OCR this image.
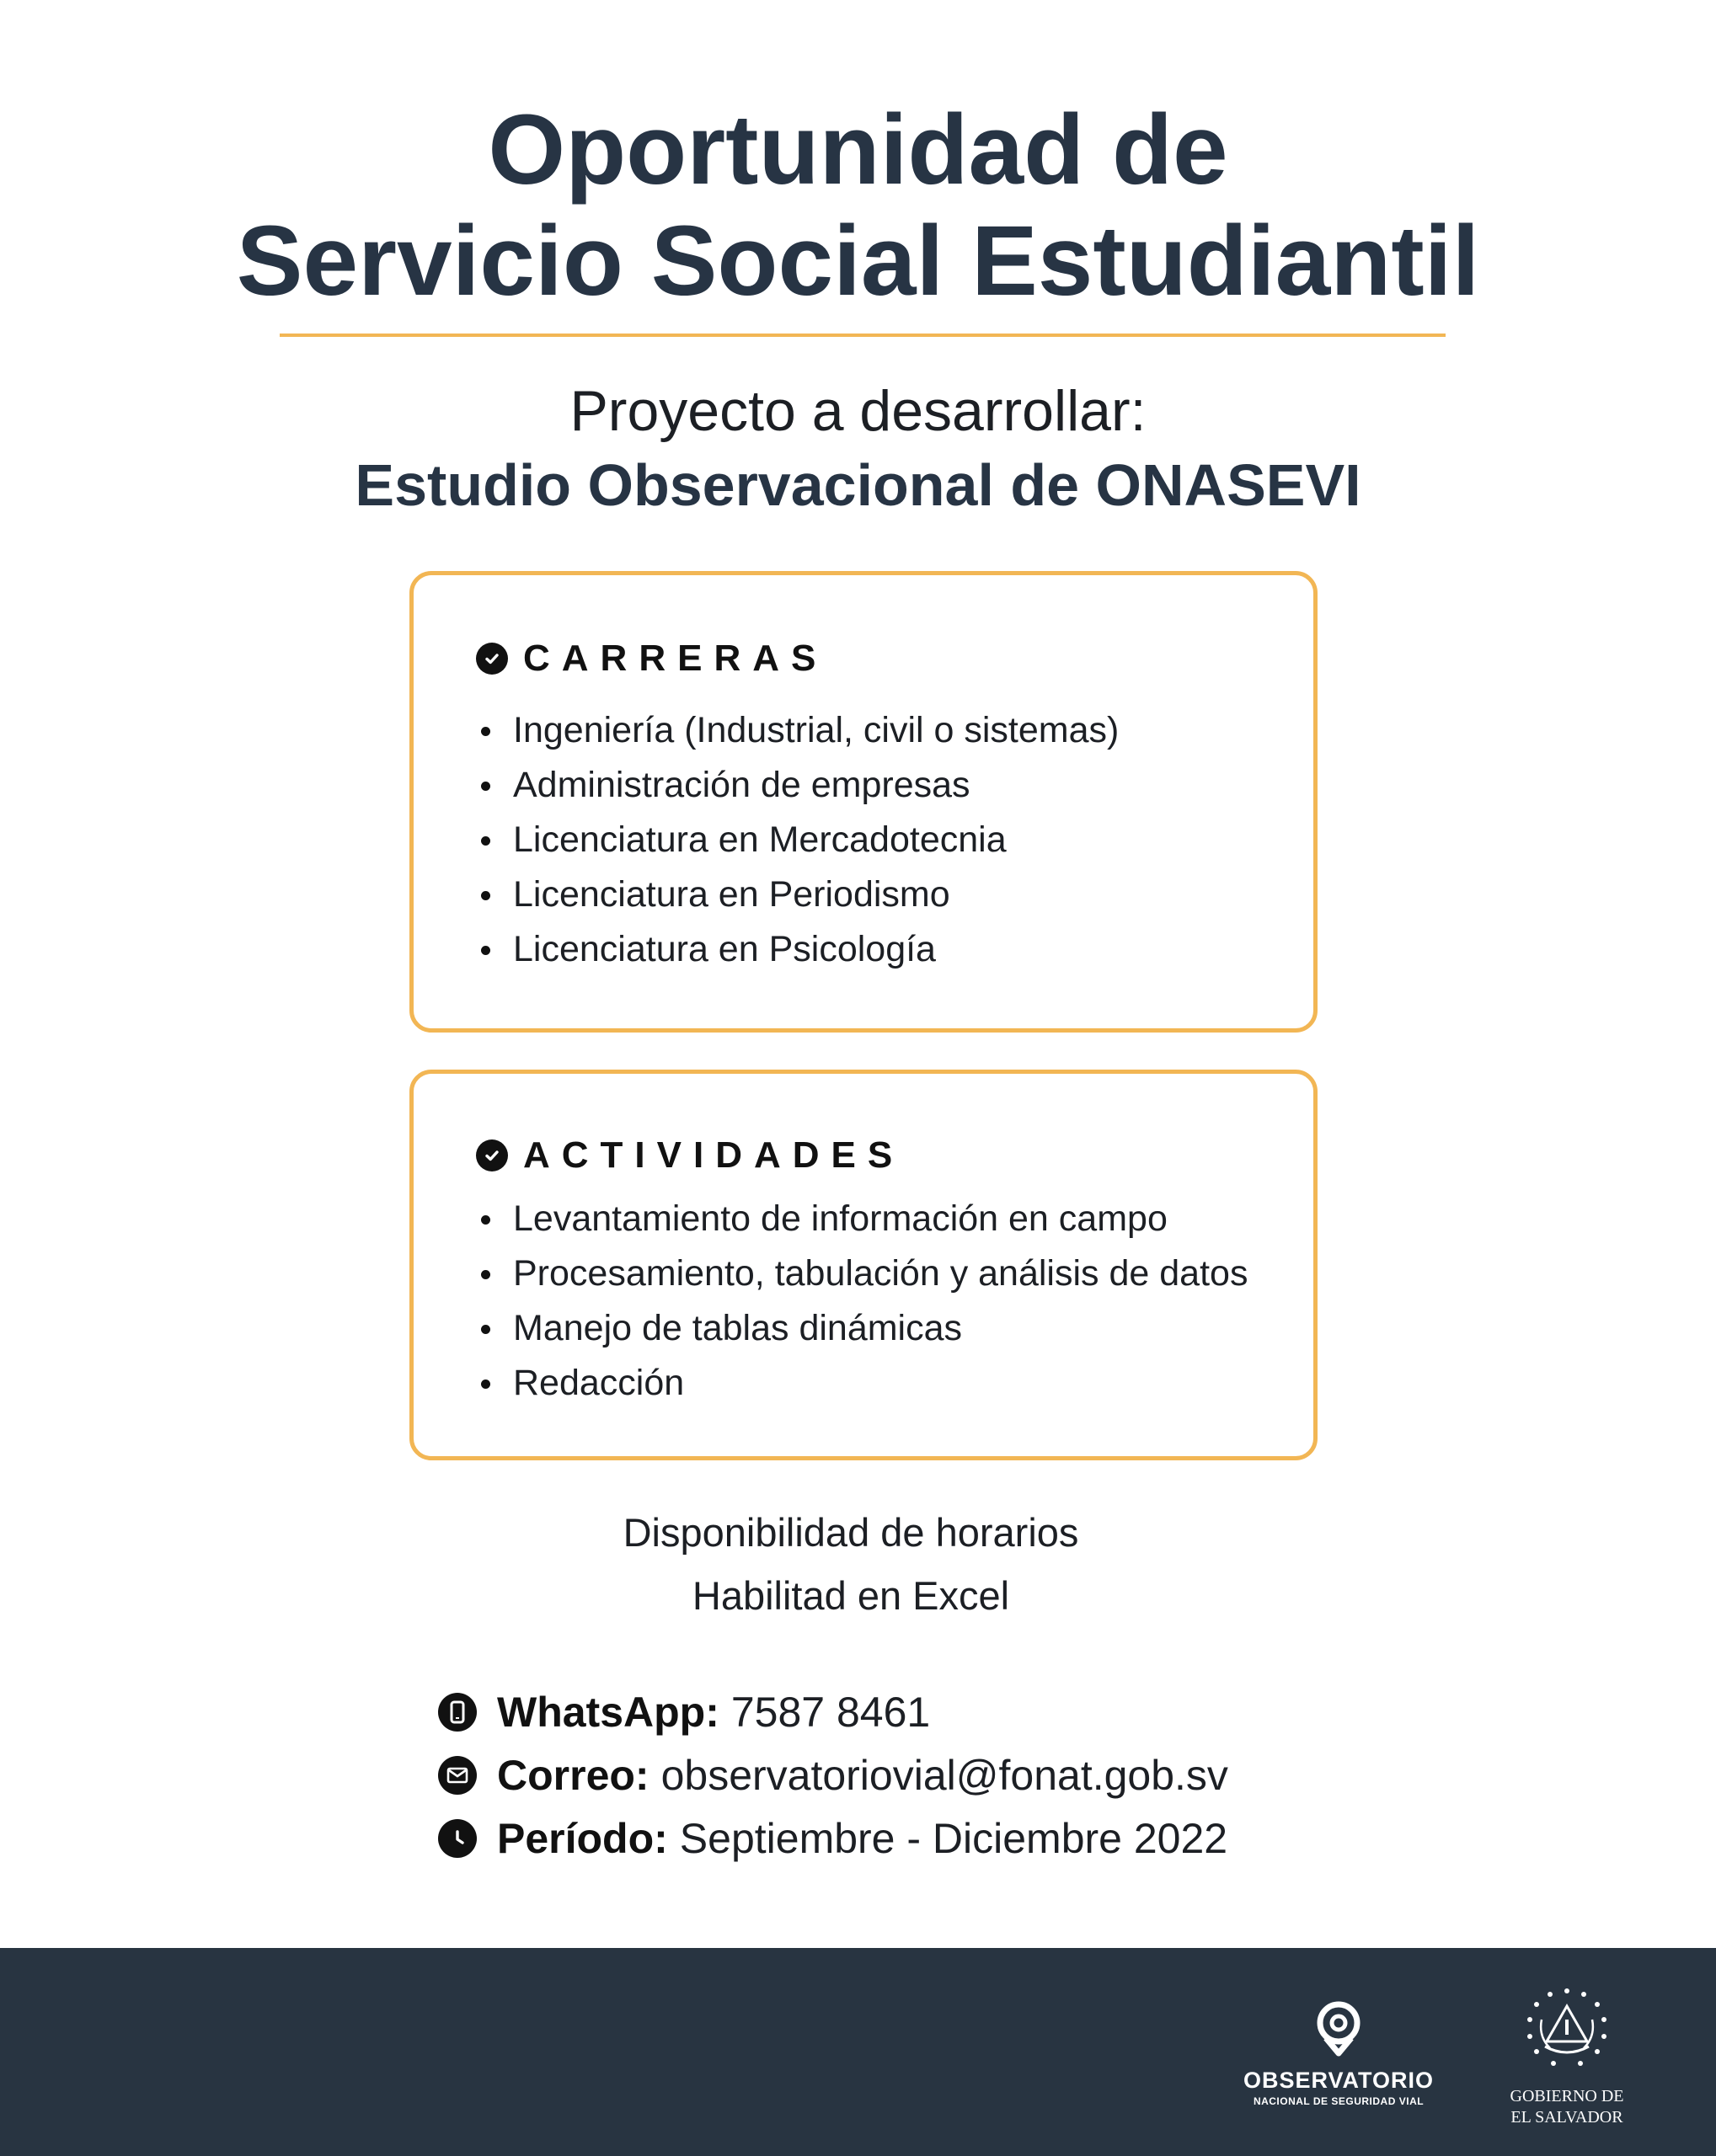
Oportunidad de
Servicio Social Estudiantil
Proyecto a desarrollar:
Estudio Observacional de ONASEVI
CARRERAS
Ingeniería (Industrial, civil o sistemas)
Administración de empresas
Licenciatura en Mercadotecnia
Licenciatura en Periodismo
Licenciatura en Psicología
ACTIVIDADES
Levantamiento de información en campo
Procesamiento, tabulación y análisis de datos
Manejo de tablas dinámicas
Redacción
Disponibilidad de horarios
Habilitad en Excel
WhatsApp: 7587 8461
Correo: observatoriovial@fonat.gob.sv
Período: Septiembre - Diciembre 2022
OBSERVATORIO
NACIONAL DE SEGURIDAD VIAL	GOBIERNO DE
EL SALVADOR
